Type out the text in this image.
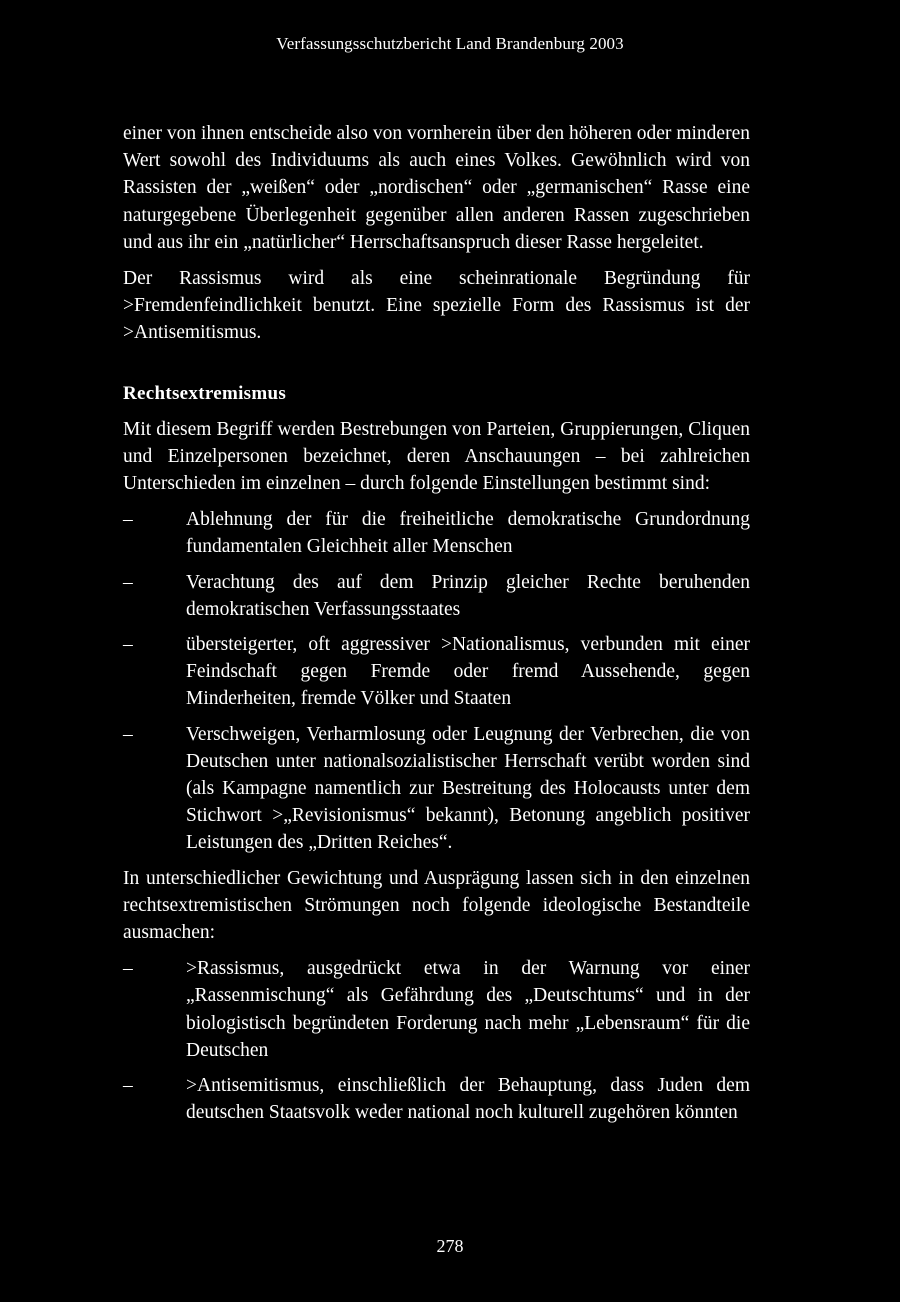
Verfassungsschutzbericht Land Brandenburg 2003

einer von ihnen entscheide also von vornherein über den höheren oder minderen Wert sowohl des Individuums als auch eines Volkes. Gewöhnlich wird von Rassisten der „weißen“ oder „nordischen“ oder „germanischen“ Rasse eine naturgegebene Überlegenheit gegenüber allen anderen Rassen zugeschrieben und aus ihr ein „natürlicher“ Herrschaftsanspruch dieser Rasse hergeleitet.

Der Rassismus wird als eine scheinrationale Begründung für >Fremdenfeindlichkeit benutzt. Eine spezielle Form des Rassismus ist der >Antisemitismus.

Rechtsextremismus

Mit diesem Begriff werden Bestrebungen von Parteien, Gruppierungen, Cliquen und Einzelpersonen bezeichnet, deren Anschauungen – bei zahlreichen Unterschieden im einzelnen – durch folgende Einstellungen bestimmt sind:

–	Ablehnung der für die freiheitliche demokratische Grundordnung fundamentalen Gleichheit aller Menschen
–	Verachtung des auf dem Prinzip gleicher Rechte beruhenden demokratischen Verfassungsstaates
–	übersteigerter, oft aggressiver >Nationalismus, verbunden mit einer Feindschaft gegen Fremde oder fremd Aussehende, gegen Minderheiten, fremde Völker und Staaten
–	Verschweigen, Verharmlosung oder Leugnung der Verbrechen, die von Deutschen unter nationalsozialistischer Herrschaft verübt worden sind (als Kampagne namentlich zur Bestreitung des Holocausts unter dem Stichwort >„Revisionismus“ bekannt), Betonung angeblich positiver Leistungen des „Dritten Reiches“.

In unterschiedlicher Gewichtung und Ausprägung lassen sich in den einzelnen rechtsextremistischen Strömungen noch folgende ideologische Bestandteile ausmachen:

–	>Rassismus, ausgedrückt etwa in der Warnung vor einer „Rassenmischung“ als Gefährdung des „Deutschtums“ und in der biologistisch begründeten Forderung nach mehr „Lebensraum“ für die Deutschen
–	>Antisemitismus, einschließlich der Behauptung, dass Juden dem deutschen Staatsvolk weder national noch kulturell zugehören könnten
278
